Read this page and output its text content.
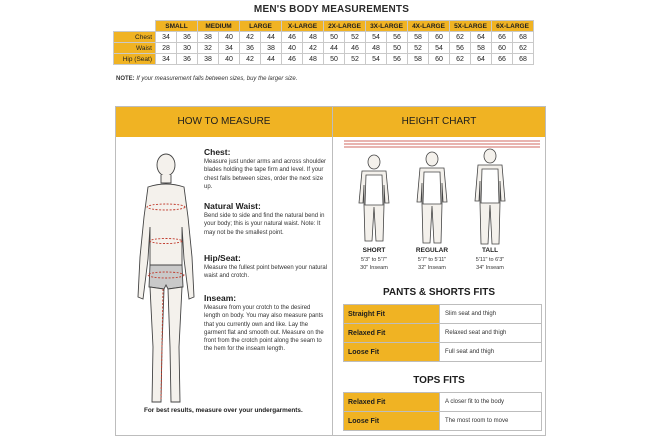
MEN'S BODY MEASUREMENTS
	SMALL		MEDIUM		LARGE		X-LARGE		2X-LARGE		3X-LARGE		4X-LARGE		5X-LARGE		6X-LARGE	
Chest	34	36	38	40	42	44	46	48	50	52	54	56	58	60	62	64	66	68
Waist	28	30	32	34	36	38	40	42	44	46	48	50	52	54	56	58	60	62
Hip (Seat)	34	36	38	40	42	44	46	48	50	52	54	56	58	60	62	64	66	68
NOTE: If your measurement falls between sizes, buy the larger size.
HOW TO MEASURE	HEIGHT CHART
Chest:
Measure just under arms and across shoulder blades holding the tape firm and level. If your chest falls between sizes, order the next size up.
Natural Waist:
Bend side to side and find the natural bend in your body; this is your natural waist. Note: It may not be the smallest point.
Hip/Seat:
Measure the fullest point between your natural waist and crotch.
Inseam:
Measure from your crotch to the desired length on body. You may also measure pants that you currently own and like. Lay the garment flat and smooth out. Measure on the front from the crotch point along the seam to the hem for the inseam length.
For best results, measure over your undergarments.
SHORT
5'3" to 5'7"
30" Inseam
REGULAR
5'7" to 5'11"
32" Inseam
TALL
5'11" to 6'3"
34" Inseam
PANTS & SHORTS FITS
Straight Fit	Slim seat and thigh
Relaxed Fit	Relaxed seat and thigh
Loose Fit	Full seat and thigh
TOPS FITS
Relaxed Fit	A closer fit to the body
Loose Fit	The most room to move
